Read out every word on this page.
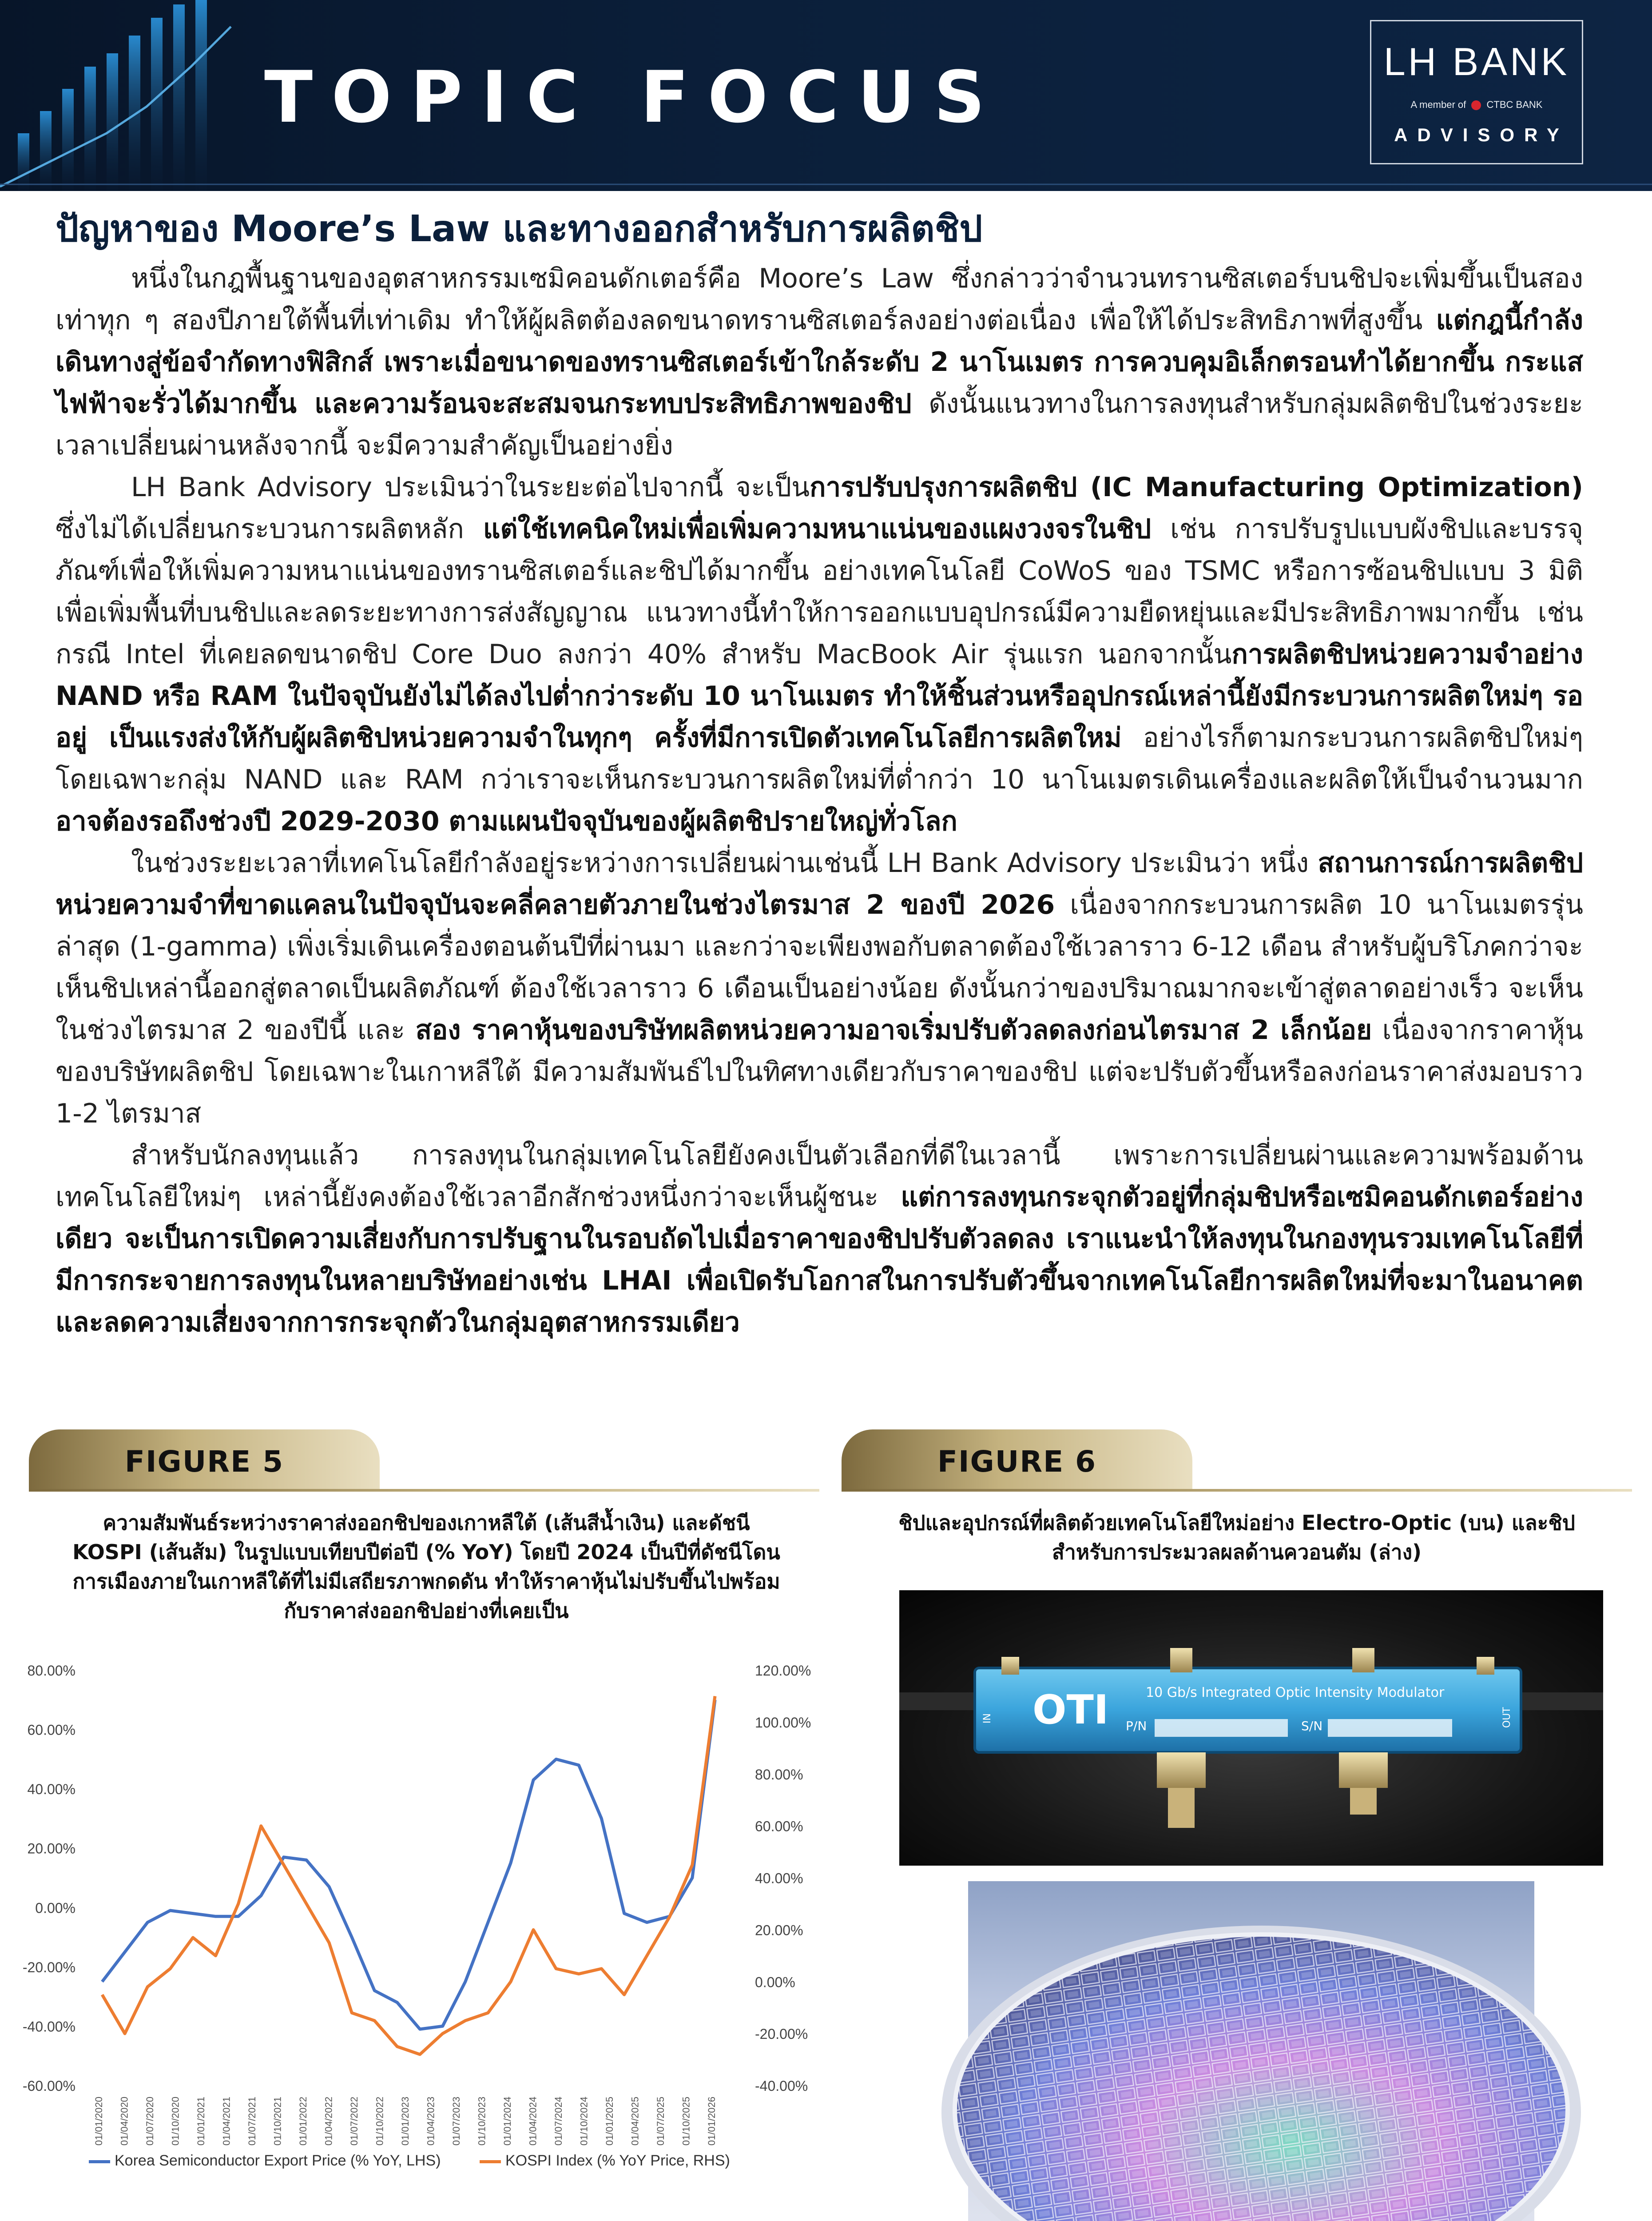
TOPIC FOCUS	LH BANK
A member of CTBC BANK
ADVISORY
ปัญหาของ Moore’s Law และทางออกสำหรับการผลิตชิป

หนึ่งในกฎพื้นฐานของอุตสาหกรรมเซมิคอนดักเตอร์คือ Moore’s Law ซึ่งกล่าวว่าจำนวนทรานซิสเตอร์บนชิปจะเพิ่มขึ้นเป็นสองเท่าทุก ๆ สองปีภายใต้พื้นที่เท่าเดิม ทำให้ผู้ผลิตต้องลดขนาดทรานซิสเตอร์ลงอย่างต่อเนื่อง เพื่อให้ได้ประสิทธิภาพที่สูงขึ้น แต่กฎนี้กำลังเดินทางสู่ข้อจำกัดทางฟิสิกส์ เพราะเมื่อขนาดของทรานซิสเตอร์เข้าใกล้ระดับ 2 นาโนเมตร การควบคุมอิเล็กตรอนทำได้ยากขึ้น กระแสไฟฟ้าจะรั่วได้มากขึ้น และความร้อนจะสะสมจนกระทบประสิทธิภาพของชิป ดังนั้นแนวทางในการลงทุนสำหรับกลุ่มผลิตชิปในช่วงระยะเวลาเปลี่ยนผ่านหลังจากนี้ จะมีความสำคัญเป็นอย่างยิ่ง

LH Bank Advisory ประเมินว่าในระยะต่อไปจากนี้ จะเป็นการปรับปรุงการผลิตชิป (IC Manufacturing Optimization) ซึ่งไม่ได้เปลี่ยนกระบวนการผลิตหลัก แต่ใช้เทคนิคใหม่เพื่อเพิ่มความหนาแน่นของแผงวงจรในชิป เช่น การปรับรูปแบบผังชิปและบรรจุภัณฑ์เพื่อให้เพิ่มความหนาแน่นของทรานซิสเตอร์และชิปได้มากขึ้น อย่างเทคโนโลยี CoWoS ของ TSMC หรือการซ้อนชิปแบบ 3 มิติ เพื่อเพิ่มพื้นที่บนชิปและลดระยะทางการส่งสัญญาณ แนวทางนี้ทำให้การออกแบบอุปกรณ์มีความยืดหยุ่นและมีประสิทธิภาพมากขึ้น เช่นกรณี Intel ที่เคยลดขนาดชิป Core Duo ลงกว่า 40% สำหรับ MacBook Air รุ่นแรก นอกจากนั้นการผลิตชิปหน่วยความจำอย่าง NAND หรือ RAM ในปัจจุบันยังไม่ได้ลงไปต่ำกว่าระดับ 10 นาโนเมตร ทำให้ชิ้นส่วนหรืออุปกรณ์เหล่านี้ยังมีกระบวนการผลิตใหม่ๆ รออยู่ เป็นแรงส่งให้กับผู้ผลิตชิปหน่วยความจำในทุกๆ ครั้งที่มีการเปิดตัวเทคโนโลยีการผลิตใหม่ อย่างไรก็ตามกระบวนการผลิตชิปใหม่ๆ โดยเฉพาะกลุ่ม NAND และ RAM กว่าเราจะเห็นกระบวนการผลิตใหม่ที่ต่ำกว่า 10 นาโนเมตรเดินเครื่องและผลิตให้เป็นจำนวนมาก อาจต้องรอถึงช่วงปี 2029-2030 ตามแผนปัจจุบันของผู้ผลิตชิปรายใหญ่ทั่วโลก

ในช่วงระยะเวลาที่เทคโนโลยีกำลังอยู่ระหว่างการเปลี่ยนผ่านเช่นนี้ LH Bank Advisory ประเมินว่า หนึ่ง สถานการณ์การผลิตชิปหน่วยความจำที่ขาดแคลนในปัจจุบันจะคลี่คลายตัวภายในช่วงไตรมาส 2 ของปี 2026 เนื่องจากกระบวนการผลิต 10 นาโนเมตรรุ่นล่าสุด (1-gamma) เพิ่งเริ่มเดินเครื่องตอนต้นปีที่ผ่านมา และกว่าจะเพียงพอกับตลาดต้องใช้เวลาราว 6-12 เดือน สำหรับผู้บริโภคกว่าจะเห็นชิปเหล่านี้ออกสู่ตลาดเป็นผลิตภัณฑ์ ต้องใช้เวลาราว 6 เดือนเป็นอย่างน้อย ดังนั้นกว่าของปริมาณมากจะเข้าสู่ตลาดอย่างเร็ว จะเห็นในช่วงไตรมาส 2 ของปีนี้ และ สอง ราคาหุ้นของบริษัทผลิตหน่วยความอาจเริ่มปรับตัวลดลงก่อนไตรมาส 2 เล็กน้อย เนื่องจากราคาหุ้นของบริษัทผลิตชิป โดยเฉพาะในเกาหลีใต้ มีความสัมพันธ์ไปในทิศทางเดียวกับราคาของชิป แต่จะปรับตัวขึ้นหรือลงก่อนราคาส่งมอบราว 1-2 ไตรมาส

สำหรับนักลงทุนแล้ว การลงทุนในกลุ่มเทคโนโลยียังคงเป็นตัวเลือกที่ดีในเวลานี้ เพราะการเปลี่ยนผ่านและความพร้อมด้านเทคโนโลยีใหม่ๆ เหล่านี้ยังคงต้องใช้เวลาอีกสักช่วงหนึ่งกว่าจะเห็นผู้ชนะ แต่การลงทุนกระจุกตัวอยู่ที่กลุ่มชิปหรือเซมิคอนดักเตอร์อย่างเดียว จะเป็นการเปิดความเสี่ยงกับการปรับฐานในรอบถัดไปเมื่อราคาของชิปปรับตัวลดลง เราแนะนำให้ลงทุนในกองทุนรวมเทคโนโลยีที่มีการกระจายการลงทุนในหลายบริษัทอย่างเช่น LHAI เพื่อเปิดรับโอกาสในการปรับตัวขึ้นจากเทคโนโลยีการผลิตใหม่ที่จะมาในอนาคต และลดความเสี่ยงจากการกระจุกตัวในกลุ่มอุตสาหกรรมเดียว

FIGURE 5
ความสัมพันธ์ระหว่างราคาส่งออกชิปของเกาหลีใต้ (เส้นสีน้ำเงิน) และดัชนี
KOSPI (เส้นส้ม) ในรูปแบบเทียบปีต่อปี (% YoY) โดยปี 2024 เป็นปีที่ดัชนีโดน
การเมืองภายในเกาหลีใต้ที่ไม่มีเสถียรภาพกดดัน ทำให้ราคาหุ้นไม่ปรับขึ้นไปพร้อม
กับราคาส่งออกชิปอย่างที่เคยเป็น
80.00%
60.00%
40.00%
20.00%
0.00%
-20.00%
-40.00%
-60.00%
120.00%
100.00%
80.00%
60.00%
40.00%
20.00%
0.00%
-20.00%
-40.00%
01/01/2020 01/04/2020 01/07/2020 01/10/2020 01/01/2021 01/04/2021 01/07/2021 01/10/2021 01/01/2022 01/04/2022 01/07/2022 01/10/2022 01/01/2023 01/04/2023 01/07/2023 01/10/2023 01/01/2024 01/04/2024 01/07/2024 01/10/2024 01/01/2025 01/04/2025 01/07/2025 01/10/2025 01/01/2026
Korea Semiconductor Export Price (% YoY, LHS)	KOSPI Index (% YoY Price, RHS)
FIGURE 6
ชิปและอุปกรณ์ที่ผลิตด้วยเทคโนโลยีใหม่อย่าง Electro-Optic (บน) และชิป
สำหรับการประมวลผลด้านควอนตัม (ล่าง)
OTI	10 Gb/s Integrated Optic Intensity Modulator
P/N	S/N
IN	OUT
